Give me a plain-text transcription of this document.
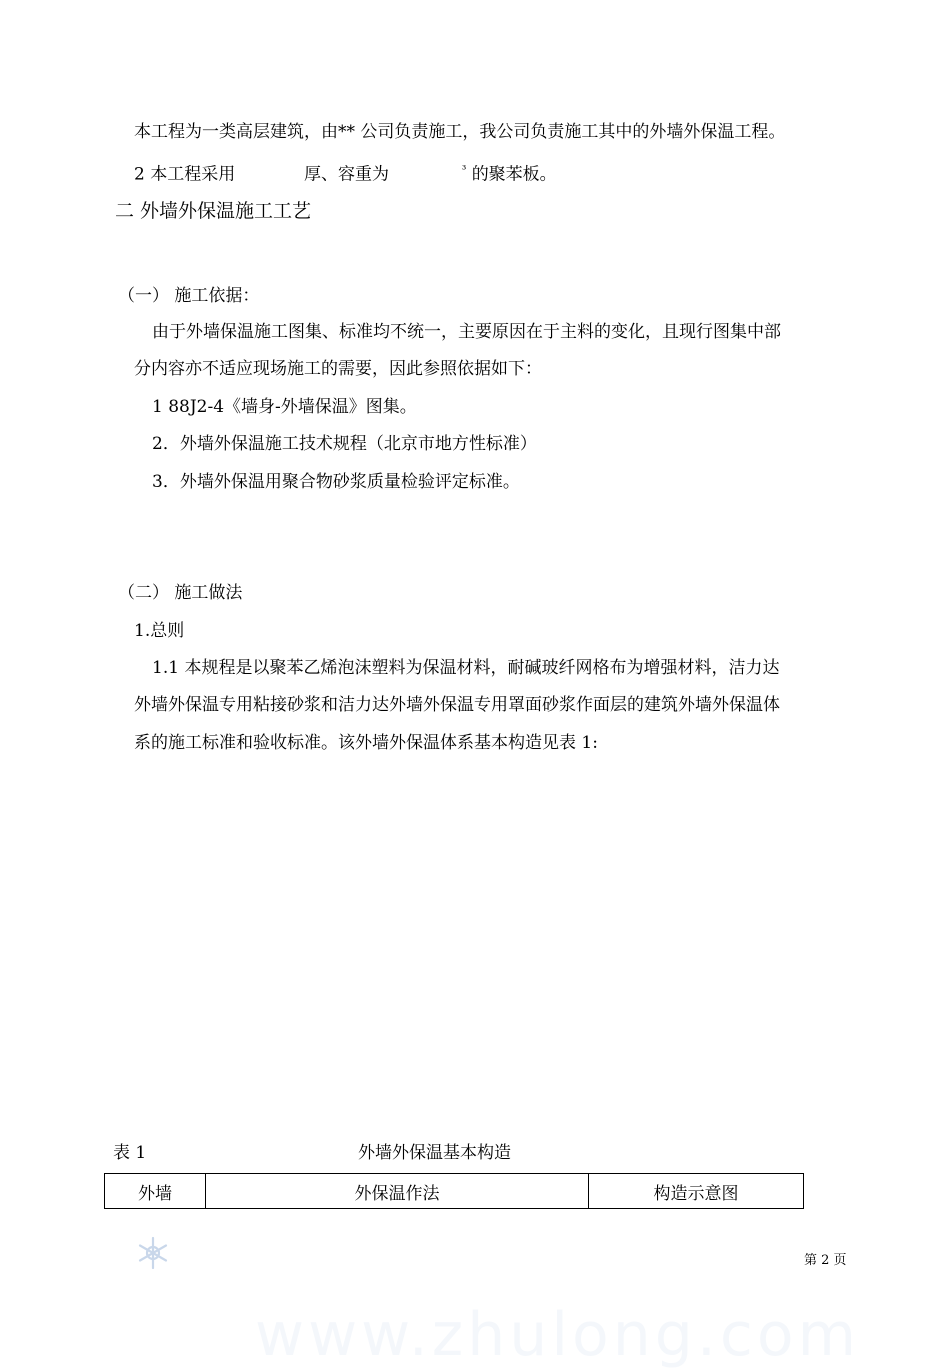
本工程为一类高层建筑，由** 公司负责施工，我公司负责施工其中的外墙外保温工程。
2 本工程采用	厚、容重为	$^{^3}$ 的聚苯板。
二 外墙外保温施工工艺
（一） 施工依据：
由于外墙保温施工图集、标准均不统一，主要原因在于主料的变化，且现行图集中部
分内容亦不适应现场施工的需要，因此参照依据如下：
1 88J2-4《墙身-外墙保温》图集。
2．外墙外保温施工技术规程（北京市地方性标准）
3．外墙外保温用聚合物砂浆质量检验评定标准。
（二） 施工做法
1.总则
1.1 本规程是以聚苯乙烯泡沫塑料为保温材料，耐碱玻纤网格布为增强材料，洁力达
外墙外保温专用粘接砂浆和洁力达外墙外保温专用罩面砂浆作面层的建筑外墙外保温体
系的施工标准和验收标准。该外墙外保温体系基本构造见表 1:
表 1	外墙外保温基本构造
外墙	外保温作法	构造示意图
第 2 页
www.zhulong.com
